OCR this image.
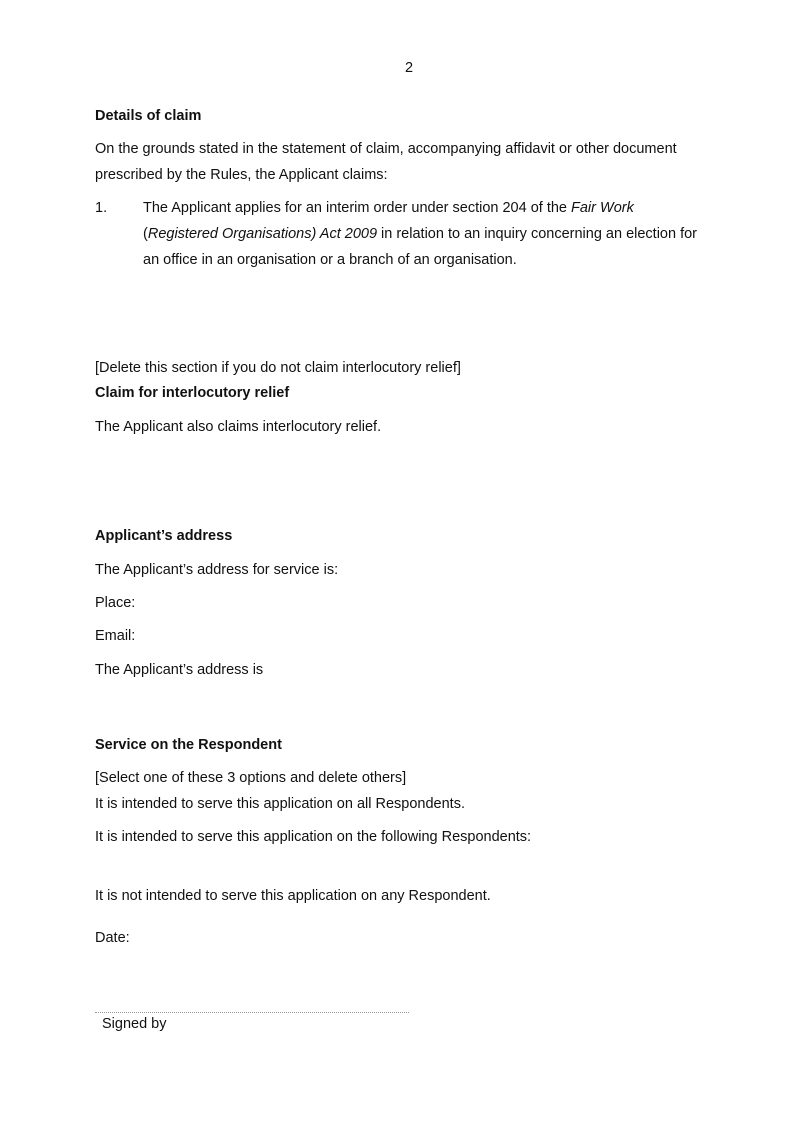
2
Details of claim
On the grounds stated in the statement of claim, accompanying affidavit or other document
prescribed by the Rules, the Applicant claims:
1. The Applicant applies for an interim order under section 204 of the Fair Work
(Registered Organisations) Act 2009 in relation to an inquiry concerning an election for
an office in an organisation or a branch of an organisation.
[Delete this section if you do not claim interlocutory relief]
Claim for interlocutory relief
The Applicant also claims interlocutory relief.
Applicant’s address
The Applicant’s address for service is:
Place:
Email:
The Applicant’s address is
Service on the Respondent
[Select one of these 3 options and delete others]
It is intended to serve this application on all Respondents.
It is intended to serve this application on the following Respondents:
It is not intended to serve this application on any Respondent.
Date:
Signed by
